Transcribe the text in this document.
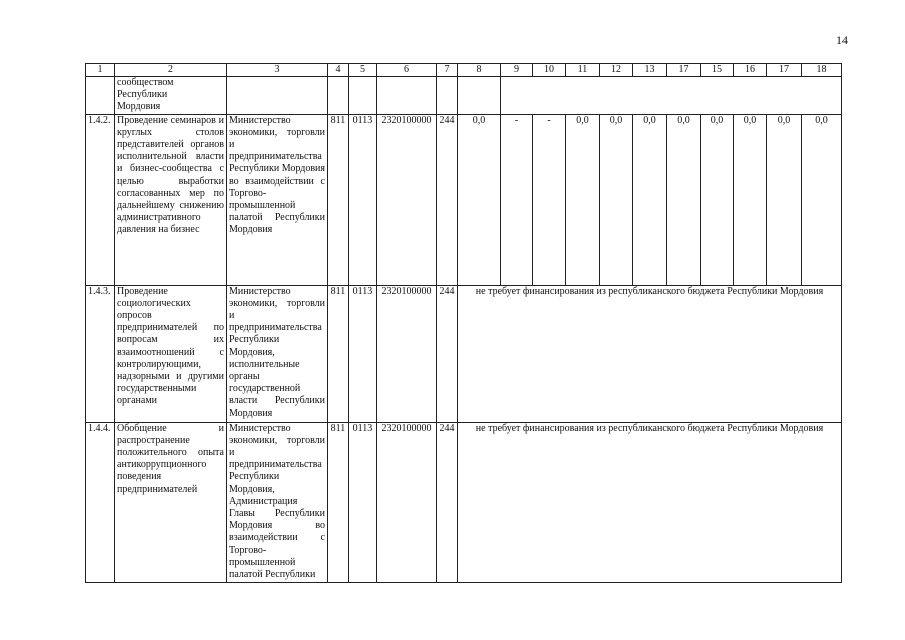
14
1	2	3	4	5	6	7	8	9	10	11	12	13	17	15	16	17	18
	сообществом
Республики
Мордовия																
1.4.2.	Проведение семинаров и круглых столов представителей органов исполнительной власти и бизнес-сообщества с целью выработки согласованных мер по дальнейшему снижению административного давления на бизнес	Министерство экономики, торговли и предпринимательства Республики Мордовия во взаимодействии с Торгово-промышленной палатой Республики Мордовия	811	0113	2320100000	244	0,0	-	-	0,0	0,0	0,0	0,0	0,0	0,0	0,0	0,0
1.4.3.	Проведение социологических опросов предпринимателей по вопросам их взаимоотношений с контролирующими, надзорными и другими государственными органами	Министерство экономики, торговли и предпринимательства Республики Мордовия, исполнительные органы государственной власти Республики Мордовия	811	0113	2320100000	244	не требует финансирования из республиканского бюджета Республики Мордовия										
1.4.4.	Обобщение и распространение положительного опыта антикоррупционного поведения предпринимателей	Министерство экономики, торговли и предпринимательства Республики Мордовия, Администрация Главы Республики Мордовия во взаимодействии с Торгово-промышленной палатой Республики	811	0113	2320100000	244	не требует финансирования из республиканского бюджета Республики Мордовия										
